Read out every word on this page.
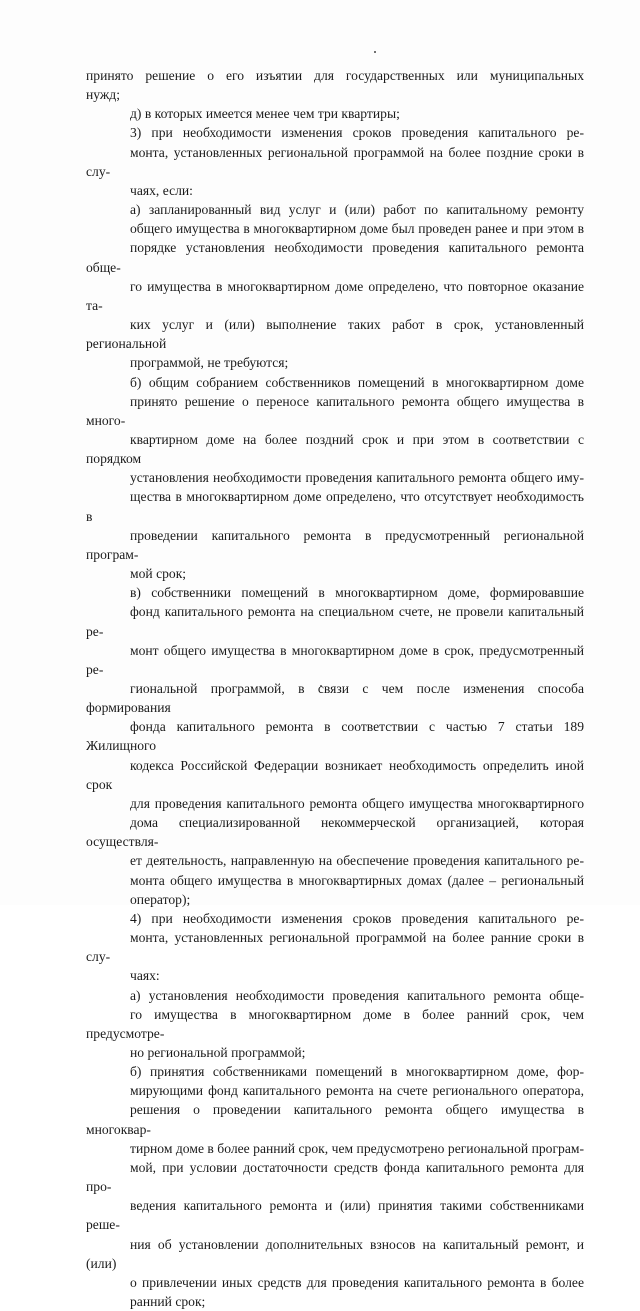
принято решение о его изъятии для государственных или муниципальных
нужд;

д) в которых имеется менее чем три квартиры;

3) при необходимости изменения сроков проведения капитального ре-
монта, установленных региональной программой на более поздние сроки в слу-
чаях, если:

а) запланированный вид услуг и (или) работ по капитальному ремонту
общего имущества в многоквартирном доме был проведен ранее и при этом в
порядке установления необходимости проведения капитального ремонта обще-
го имущества в многоквартирном доме определено, что повторное оказание та-
ких услуг и (или) выполнение таких работ в срок, установленный региональной
программой, не требуются;

б) общим собранием собственников помещений в многоквартирном доме
принято решение о переносе капитального ремонта общего имущества в много-
квартирном доме на более поздний срок и при этом в соответствии с порядком
установления необходимости проведения капитального ремонта общего иму-
щества в многоквартирном доме определено, что отсутствует необходимость в
проведении капитального ремонта в предусмотренный региональной програм-
мой срок;

в) собственники помещений в многоквартирном доме, формировавшие
фонд капитального ремонта на специальном счете, не провели капитальный ре-
монт общего имущества в многоквартирном доме в срок, предусмотренный ре-
гиональной программой, в связи с чем после изменения способа формирования
фонда капитального ремонта в соответствии с частью 7 статьи 189 Жилищного
кодекса Российской Федерации возникает необходимость определить иной срок
для проведения капитального ремонта общего имущества многоквартирного
дома специализированной некоммерческой организацией, которая осуществля-
ет деятельность, направленную на обеспечение проведения капитального ре-
монта общего имущества в многоквартирных домах (далее – региональный
оператор);

4) при необходимости изменения сроков проведения капитального ре-
монта, установленных региональной программой на более ранние сроки в слу-
чаях:

а) установления необходимости проведения капитального ремонта обще-
го имущества в многоквартирном доме в более ранний срок, чем предусмотре-
но региональной программой;

б) принятия собственниками помещений в многоквартирном доме, фор-
мирующими фонд капитального ремонта на счете регионального оператора,
решения о проведении капитального ремонта общего имущества в многоквар-
тирном доме в более ранний срок, чем предусмотрено региональной програм-
мой, при условии достаточности средств фонда капитального ремонта для про-
ведения капитального ремонта и (или) принятия такими собственниками реше-
ния об установлении дополнительных взносов на капитальный ремонт, и (или)
о привлечении иных средств для проведения капитального ремонта в более
ранний срок;
